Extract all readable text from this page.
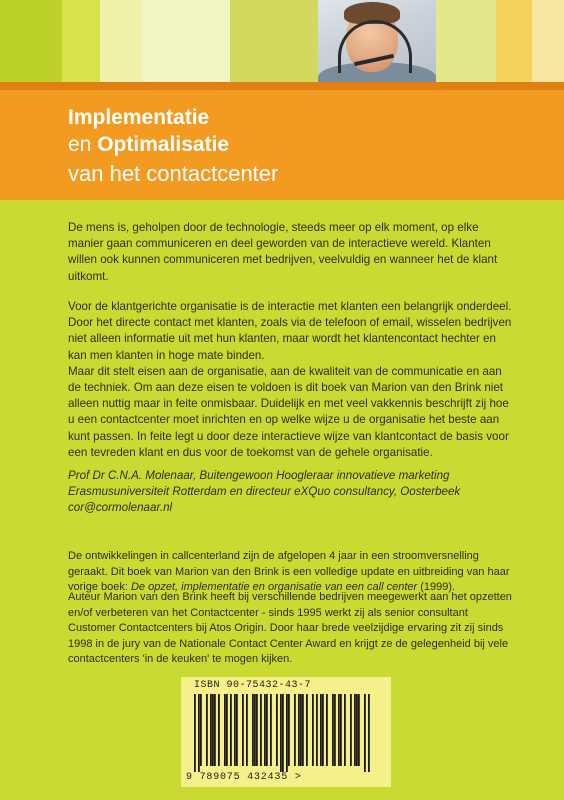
Implementatie
en Optimalisatie
van het contactcenter

De mens is, geholpen door de technologie, steeds meer op elk moment, op elke manier gaan communiceren en deel geworden van de interactieve wereld. Klanten willen ook kunnen communiceren met bedrijven, veelvuldig en wanneer het de klant uitkomt.

Voor de klantgerichte organisatie is de interactie met klanten een belangrijk onderdeel. Door het directe contact met klanten, zoals via de telefoon of email, wisselen bedrijven niet alleen informatie uit met hun klanten, maar wordt het klantencontact hechter en kan men klanten in hoge mate binden.
Maar dit stelt eisen aan de organisatie, aan de kwaliteit van de communicatie en aan de techniek. Om aan deze eisen te voldoen is dit boek van Marion van den Brink niet alleen nuttig maar in feite onmisbaar. Duidelijk en met veel vakkennis beschrijft zij hoe u een contactcenter moet inrichten en op welke wijze u de organisatie het beste aan kunt passen. In feite legt u door deze interactieve wijze van klantcontact de basis voor een tevreden klant en dus voor de toekomst van de gehele organisatie.

Prof Dr C.N.A. Molenaar, Buitengewoon Hoogleraar innovatieve marketing Erasmusuniversiteit Rotterdam en directeur eXQuo consultancy, Oosterbeek cor@cormolenaar.nl

De ontwikkelingen in callcenterland zijn de afgelopen 4 jaar in een stroomversnelling geraakt. Dit boek van Marion van den Brink is een volledige update en uitbreiding van haar vorige boek: De opzet, implementatie en organisatie van een call center (1999).

Auteur Marion van den Brink heeft bij verschillende bedrijven meegewerkt aan het opzetten en/of verbeteren van het Contactcenter - sinds 1995 werkt zij als senior consultant Customer Contactcenters bij Atos Origin. Door haar brede veelzijdige ervaring zit zij sinds 1998 in de jury van de Nationale Contact Center Award en krijgt ze de gelegenheid bij vele contactcenters 'in de keuken' te mogen kijken.

ISBN 90-75432-43-7
9 789075 432435 >
